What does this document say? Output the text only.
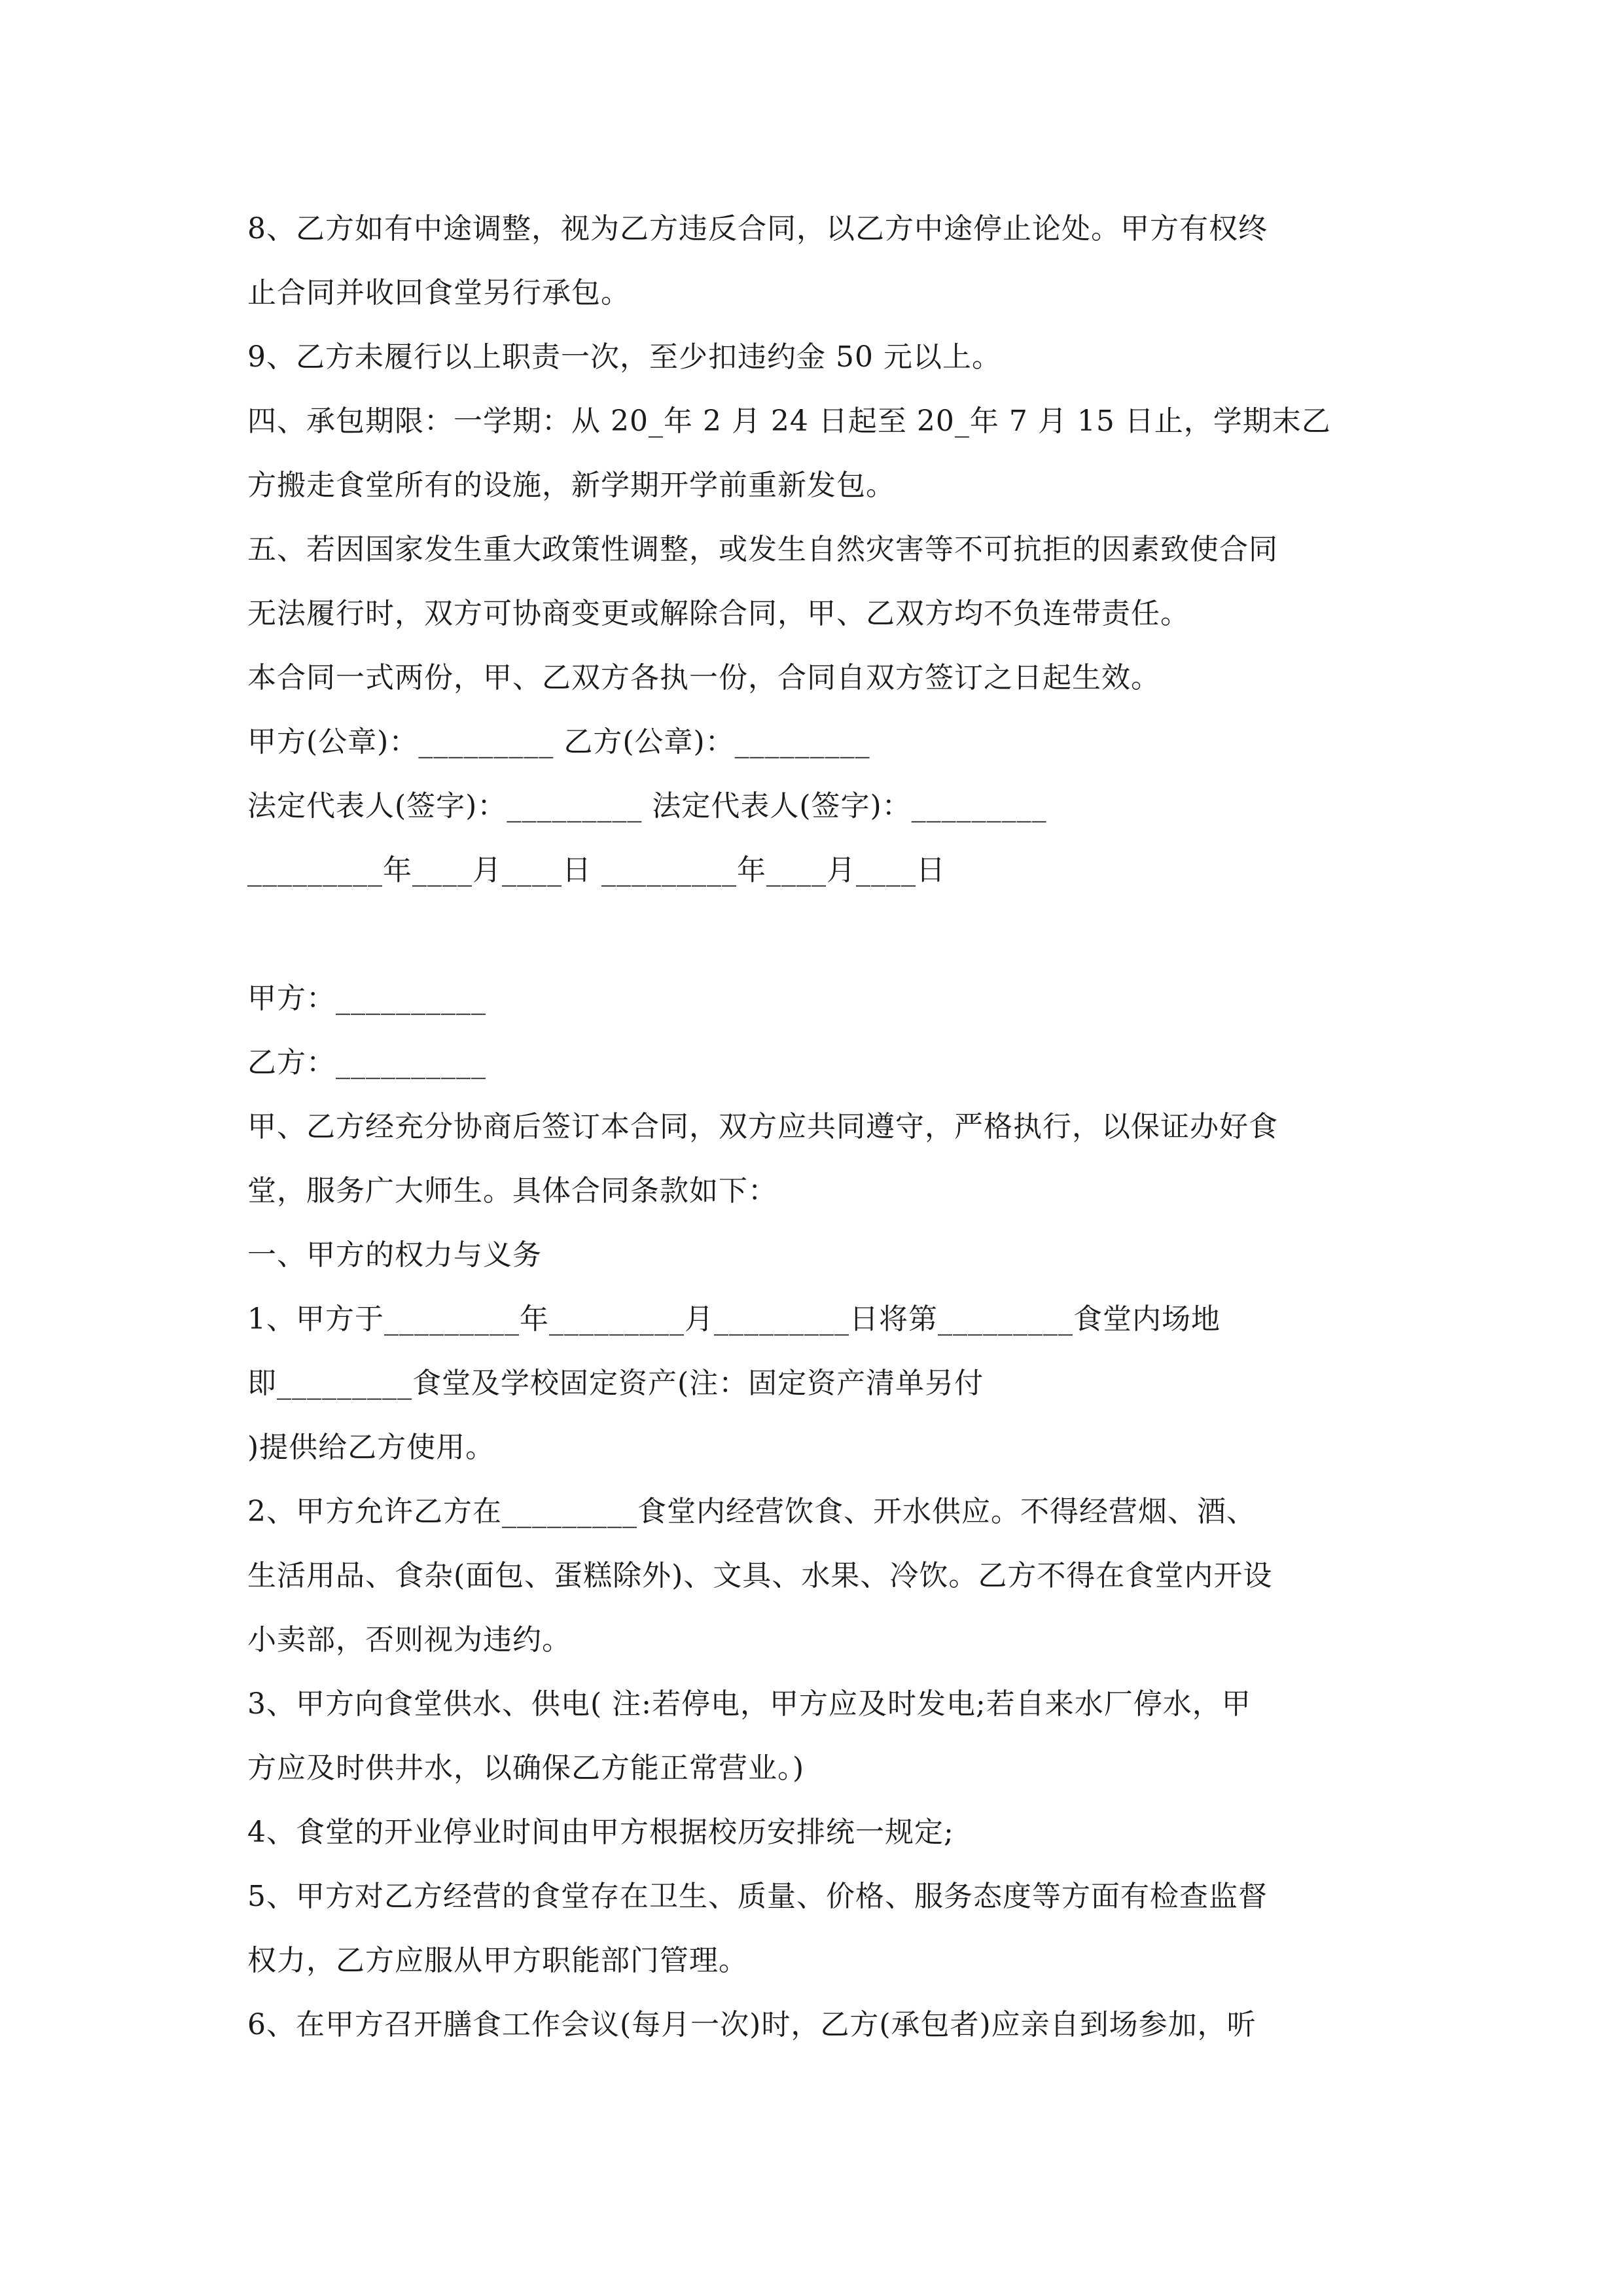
8、乙方如有中途调整，视为乙方违反合同，以乙方中途停止论处。甲方有权终

止合同并收回食堂另行承包。

9、乙方未履行以上职责一次，至少扣违约金 50 元以上。

四、承包期限：一学期：从 20_年 2 月 24 日起至 20_年 7 月 15 日止，学期末乙

方搬走食堂所有的设施，新学期开学前重新发包。

五、若因国家发生重大政策性调整，或发生自然灾害等不可抗拒的因素致使合同

无法履行时，双方可协商变更或解除合同，甲、乙双方均不负连带责任。

本合同一式两份，甲、乙双方各执一份，合同自双方签订之日起生效。

甲方(公章)：_________ 乙方(公章)：_________

法定代表人(签字)：_________ 法定代表人(签字)：_________

_________年____月____日 _________年____月____日

甲方：__________

乙方：__________

甲、乙方经充分协商后签订本合同，双方应共同遵守，严格执行，以保证办好食

堂，服务广大师生。具体合同条款如下：

一、甲方的权力与义务

1、甲方于_________年_________月_________日将第_________食堂内场地

即_________食堂及学校固定资产(注：固定资产清单另付

)提供给乙方使用。

2、甲方允许乙方在_________食堂内经营饮食、开水供应。不得经营烟、酒、

生活用品、食杂(面包、蛋糕除外)、文具、水果、冷饮。乙方不得在食堂内开设

小卖部，否则视为违约。

3、甲方向食堂供水、供电( 注:若停电，甲方应及时发电;若自来水厂停水，甲

方应及时供井水，以确保乙方能正常营业。)

4、食堂的开业停业时间由甲方根据校历安排统一规定;

5、甲方对乙方经营的食堂存在卫生、质量、价格、服务态度等方面有检查监督

权力，乙方应服从甲方职能部门管理。

6、在甲方召开膳食工作会议(每月一次)时，乙方(承包者)应亲自到场参加，听
